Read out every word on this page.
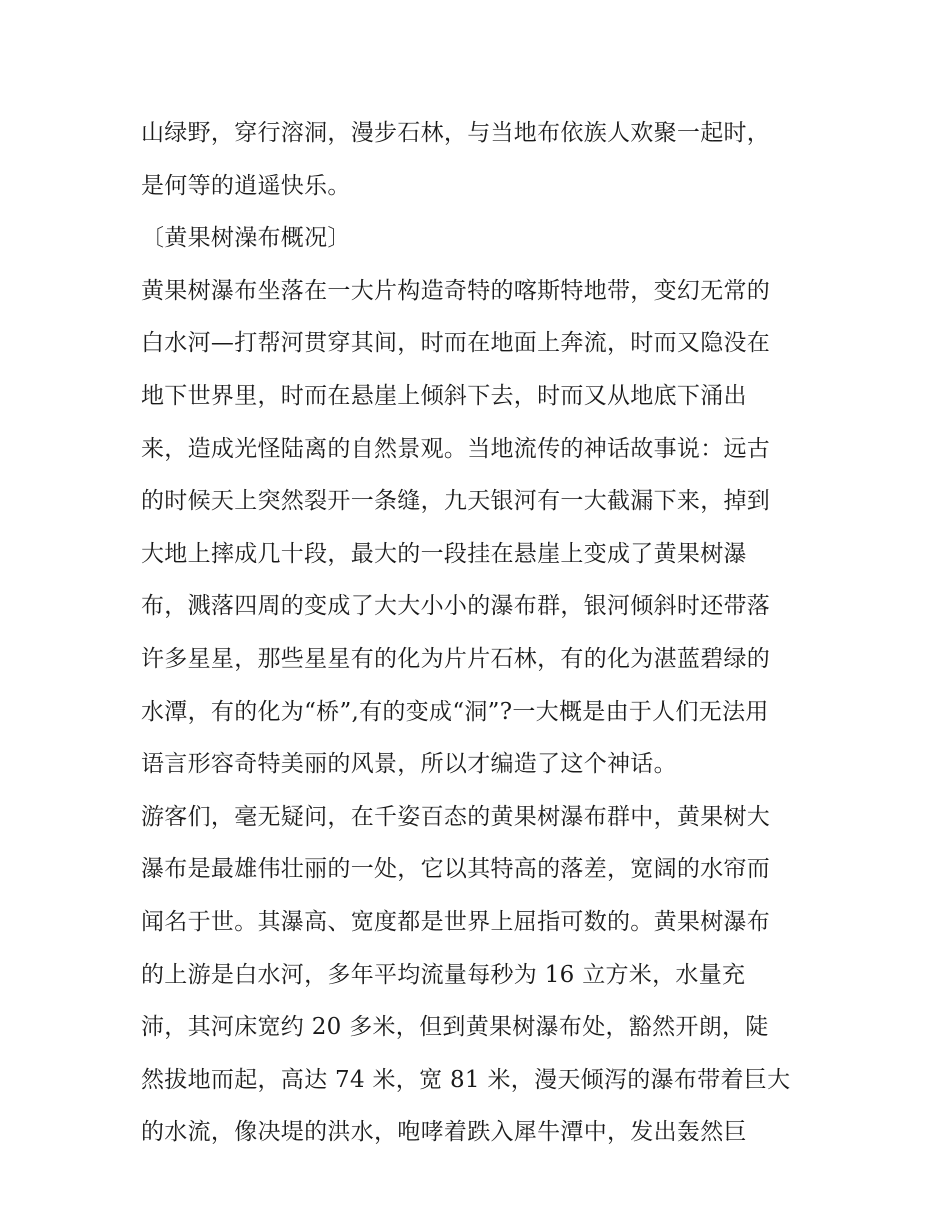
山绿野，穿行溶洞，漫步石林，与当地布依族人欢聚一起时，
是何等的逍遥快乐。
〔黄果树澡布概况〕
黄果树瀑布坐落在一大片构造奇特的喀斯特地带，变幻无常的
白水河—打帮河贯穿其间，时而在地面上奔流，时而又隐没在
地下世界里，时而在悬崖上倾斜下去，时而又从地底下涌出
来，造成光怪陆离的自然景观。当地流传的神话故事说：远古
的时候天上突然裂开一条缝，九天银河有一大截漏下来，掉到
大地上摔成几十段，最大的一段挂在悬崖上变成了黄果树瀑
布，溅落四周的变成了大大小小的瀑布群，银河倾斜时还带落
许多星星，那些星星有的化为片片石林，有的化为湛蓝碧绿的
水潭，有的化为“桥”,有的变成“洞”?一大概是由于人们无法用
语言形容奇特美丽的风景，所以才编造了这个神话。
游客们，毫无疑问，在千姿百态的黄果树瀑布群中，黄果树大
瀑布是最雄伟壮丽的一处，它以其特高的落差，宽阔的水帘而
闻名于世。其瀑高、宽度都是世界上屈指可数的。黄果树瀑布
的上游是白水河，多年平均流量每秒为 16 立方米，水量充
沛，其河床宽约 20 多米，但到黄果树瀑布处，豁然开朗，陡
然拔地而起，高达 74 米，宽 81 米，漫天倾泻的瀑布带着巨大
的水流，像决堤的洪水，咆哮着跌入犀牛潭中，发出轰然巨
